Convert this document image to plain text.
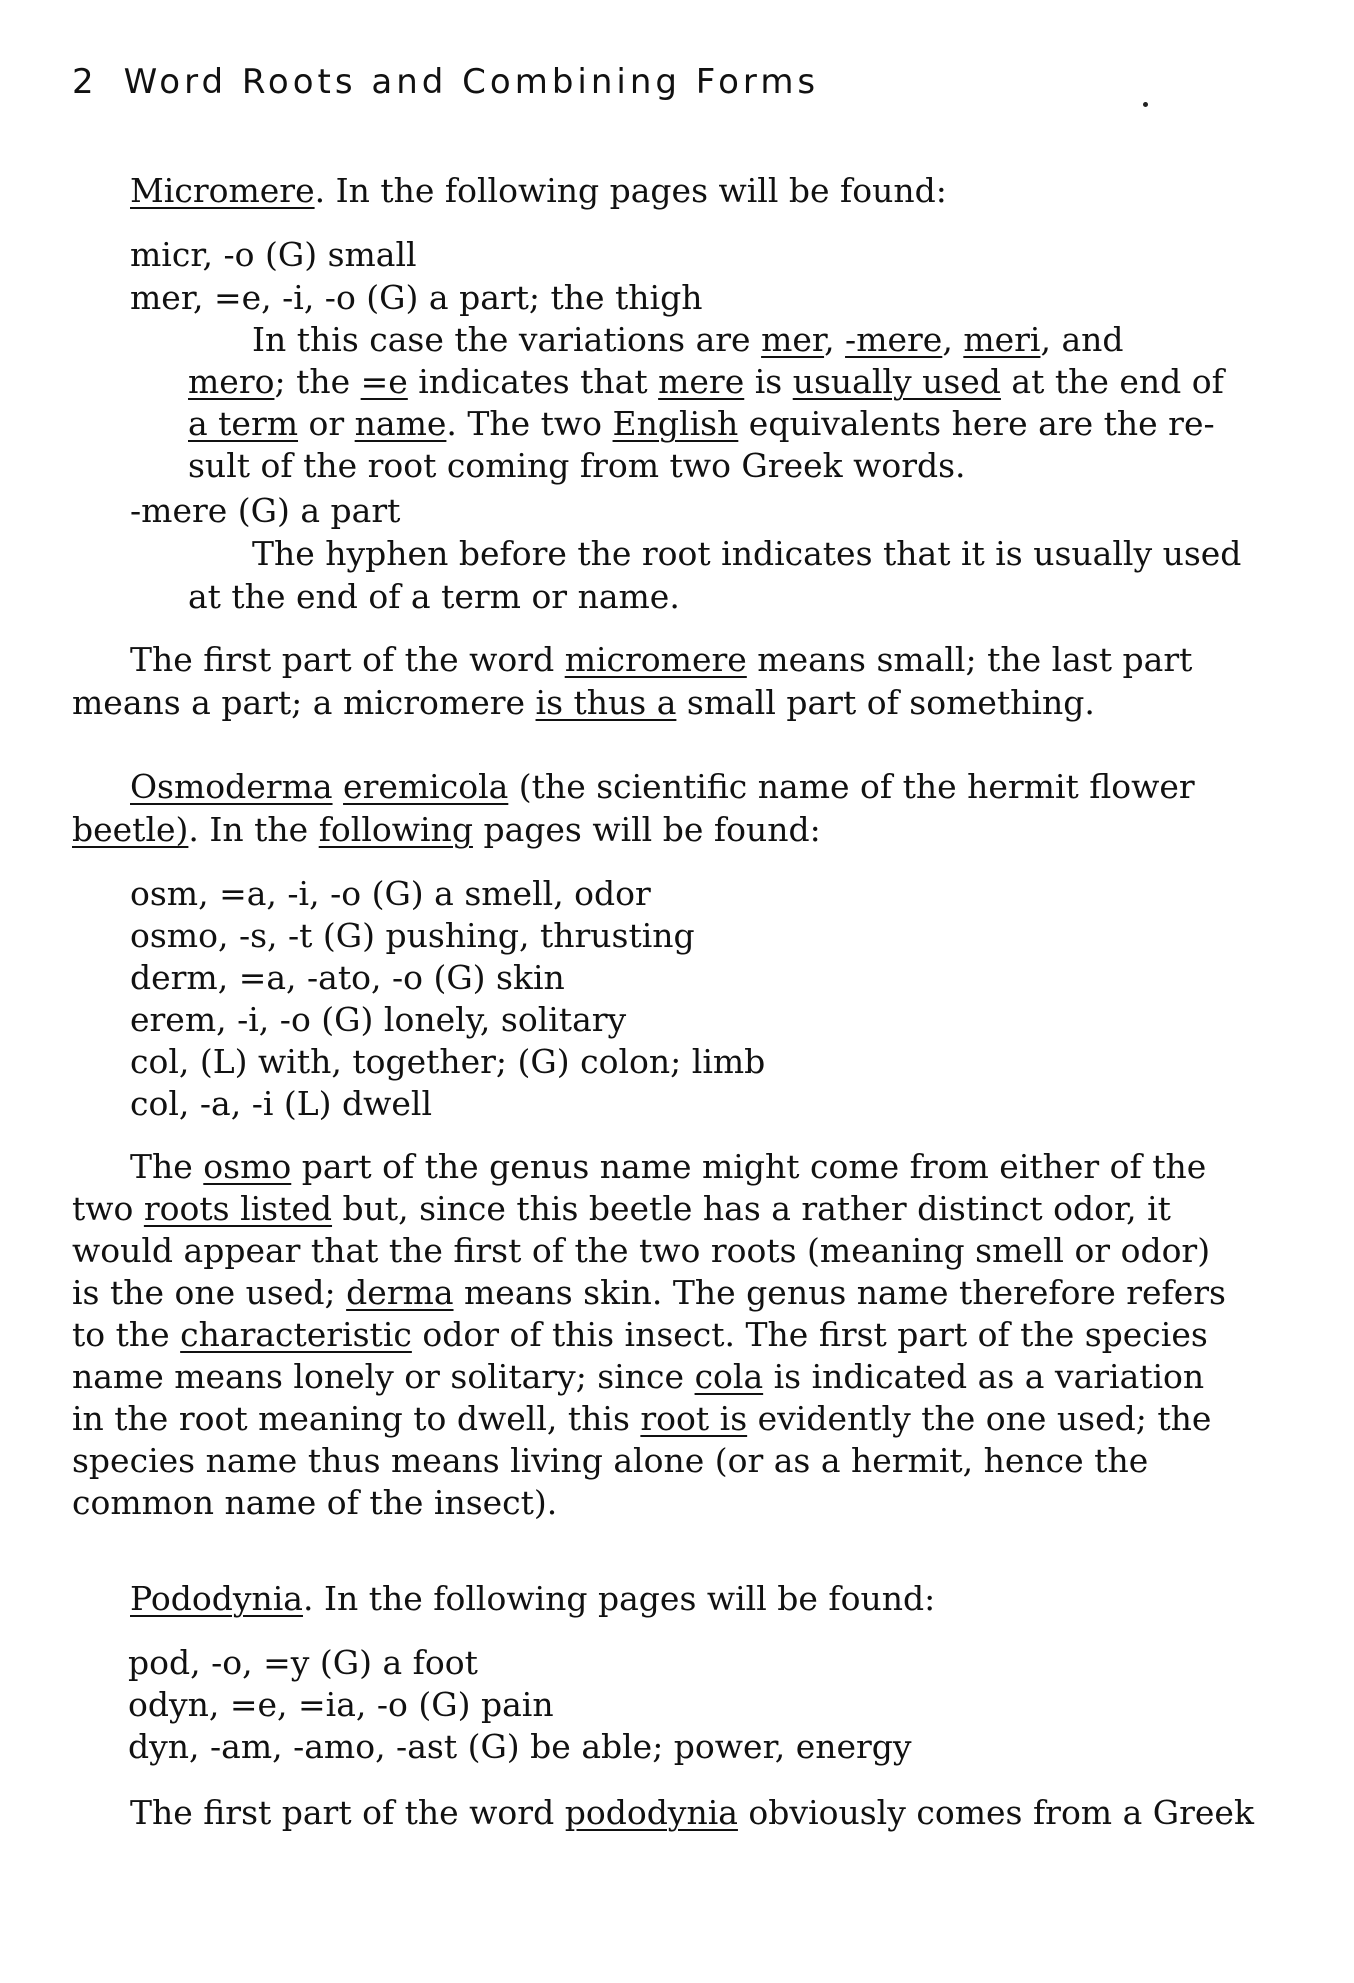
2 Word Roots and Combining Forms

Micromere. In the following pages will be found:

micr, -o (G) small

mer, =e, -i, -o (G) a part; the thigh

In this case the variations are mer, -mere, meri, and

mero; the =e indicates that mere is usually used at the end of

a term or name. The two English equivalents here are the re-

sult of the root coming from two Greek words.

-mere (G) a part

The hyphen before the root indicates that it is usually used

at the end of a term or name.

The first part of the word micromere means small; the last part

means a part; a micromere is thus a small part of something.

Osmoderma eremicola (the scientific name of the hermit flower

beetle). In the following pages will be found:

osm, =a, -i, -o (G) a smell, odor

osmo, -s, -t (G) pushing, thrusting

derm, =a, -ato, -o (G) skin

erem, -i, -o (G) lonely, solitary

col, (L) with, together; (G) colon; limb

col, -a, -i (L) dwell

The osmo part of the genus name might come from either of the

two roots listed but, since this beetle has a rather distinct odor, it

would appear that the first of the two roots (meaning smell or odor)

is the one used; derma means skin. The genus name therefore refers

to the characteristic odor of this insect. The first part of the species

name means lonely or solitary; since cola is indicated as a variation

in the root meaning to dwell, this root is evidently the one used; the

species name thus means living alone (or as a hermit, hence the

common name of the insect).

Pododynia. In the following pages will be found:

pod, -o, =y (G) a foot

odyn, =e, =ia, -o (G) pain

dyn, -am, -amo, -ast (G) be able; power, energy

The first part of the word pododynia obviously comes from a Greek
